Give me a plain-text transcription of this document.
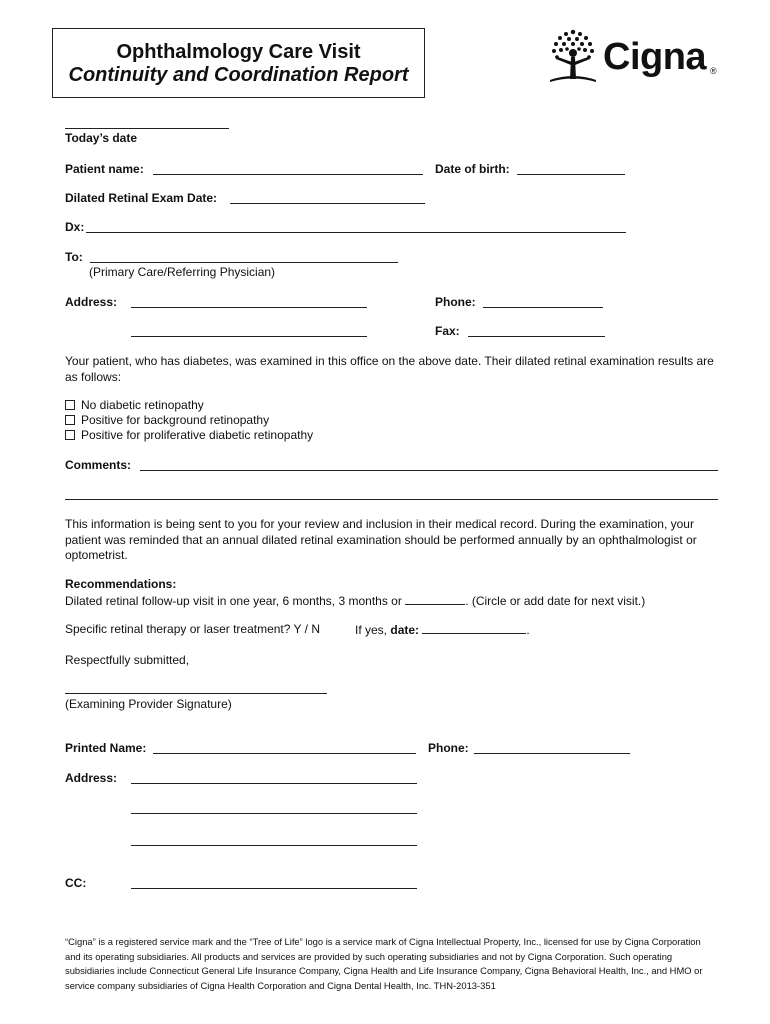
Ophthalmology Care Visit
Continuity and Coordination Report	Cigna ®
Today’s date
Patient name:	Date of birth:
Dilated Retinal Exam Date:
Dx:
To:
(Primary Care/Referring Physician)
Address:	Phone:
Fax:
Your patient, who has diabetes, was examined in this office on the above date. Their dilated retinal examination results are as follows:
No diabetic retinopathy
Positive for background retinopathy
Positive for proliferative diabetic retinopathy
Comments:
This information is being sent to you for your review and inclusion in their medical record. During the examination, your patient was reminded that an annual dilated retinal examination should be performed annually by an ophthalmologist or optometrist.
Recommendations:
Dilated retinal follow-up visit in one year, 6 months, 3 months or	. (Circle or add date for next visit.)
Specific retinal therapy or laser treatment? Y / N	If yes, date:	.
Respectfully submitted,
(Examining Provider Signature)
Printed Name:	Phone:
Address:
CC:
“Cigna” is a registered service mark and the “Tree of Life” logo is a service mark of Cigna Intellectual Property, Inc., licensed for use by Cigna Corporation and its operating subsidiaries. All products and services are provided by such operating subsidiaries and not by Cigna Corporation. Such operating subsidiaries include Connecticut General Life Insurance Company, Cigna Health and Life Insurance Company, Cigna Behavioral Health, Inc., and HMO or service company subsidiaries of Cigna Health Corporation and Cigna Dental Health, Inc. THN-2013-351
